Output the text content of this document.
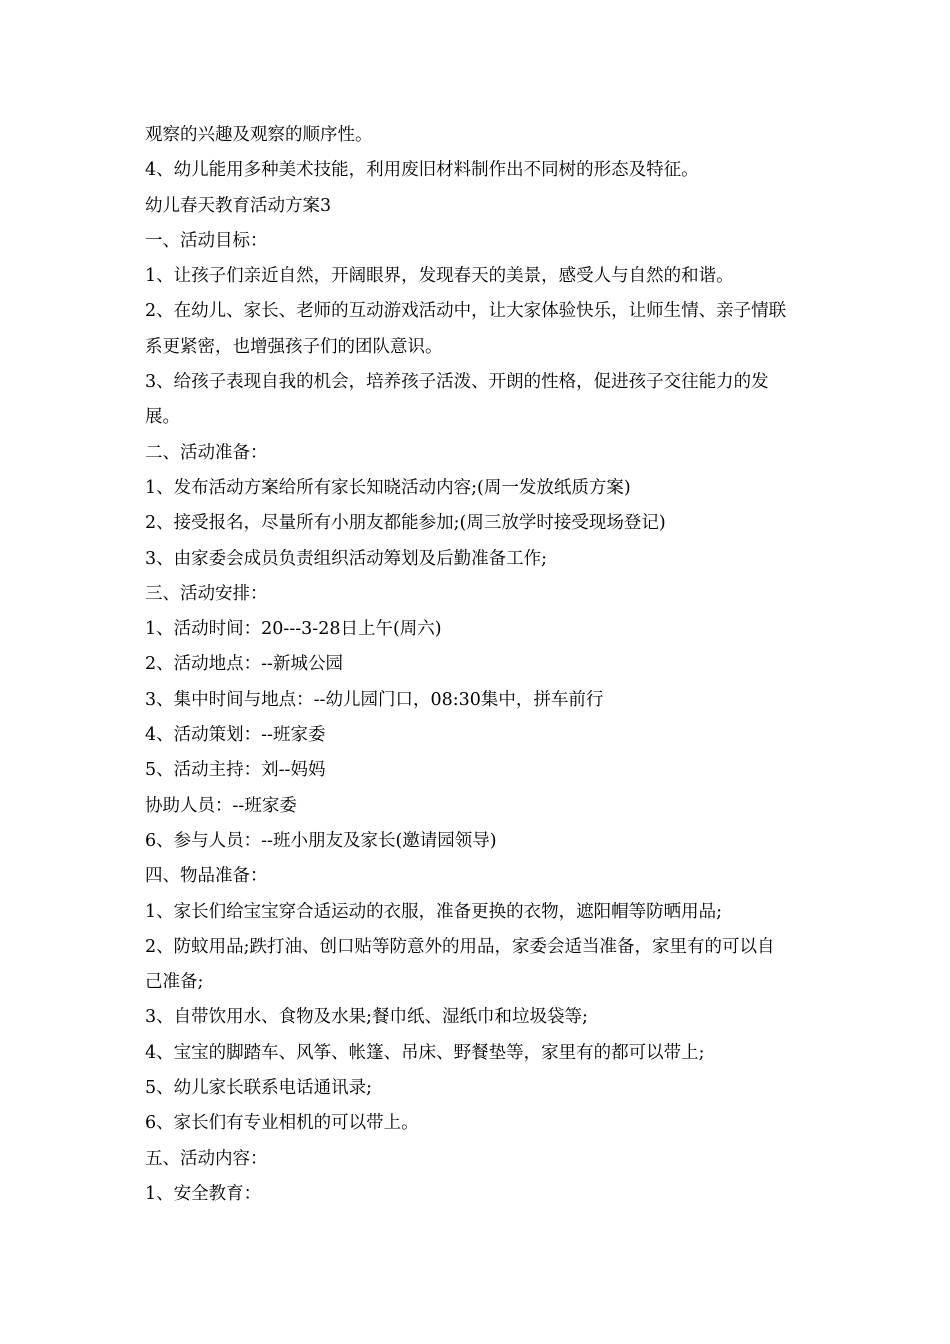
观察的兴趣及观察的顺序性。
4、幼儿能用多种美术技能，利用废旧材料制作出不同树的形态及特征。
幼儿春天教育活动方案3
一、活动目标：
1、让孩子们亲近自然，开阔眼界，发现春天的美景，感受人与自然的和谐。
2、在幼儿、家长、老师的互动游戏活动中，让大家体验快乐，让师生情、亲子情联
系更紧密，也增强孩子们的团队意识。
3、给孩子表现自我的机会，培养孩子活泼、开朗的性格，促进孩子交往能力的发
展。
二、活动准备：
1、发布活动方案给所有家长知晓活动内容;(周一发放纸质方案)
2、接受报名，尽量所有小朋友都能参加;(周三放学时接受现场登记)
3、由家委会成员负责组织活动筹划及后勤准备工作;
三、活动安排：
1、活动时间：20---3-28日上午(周六)
2、活动地点：--新城公园
3、集中时间与地点：--幼儿园门口，08:30集中，拼车前行
4、活动策划：--班家委
5、活动主持：刘--妈妈
协助人员：--班家委
6、参与人员：--班小朋友及家长(邀请园领导)
四、物品准备：
1、家长们给宝宝穿合适运动的衣服，准备更换的衣物，遮阳帽等防晒用品;
2、防蚊用品;跌打油、创口贴等防意外的用品，家委会适当准备，家里有的可以自
己准备;
3、自带饮用水、食物及水果;餐巾纸、湿纸巾和垃圾袋等;
4、宝宝的脚踏车、风筝、帐篷、吊床、野餐垫等，家里有的都可以带上;
5、幼儿家长联系电话通讯录;
6、家长们有专业相机的可以带上。
五、活动内容：
1、安全教育：
